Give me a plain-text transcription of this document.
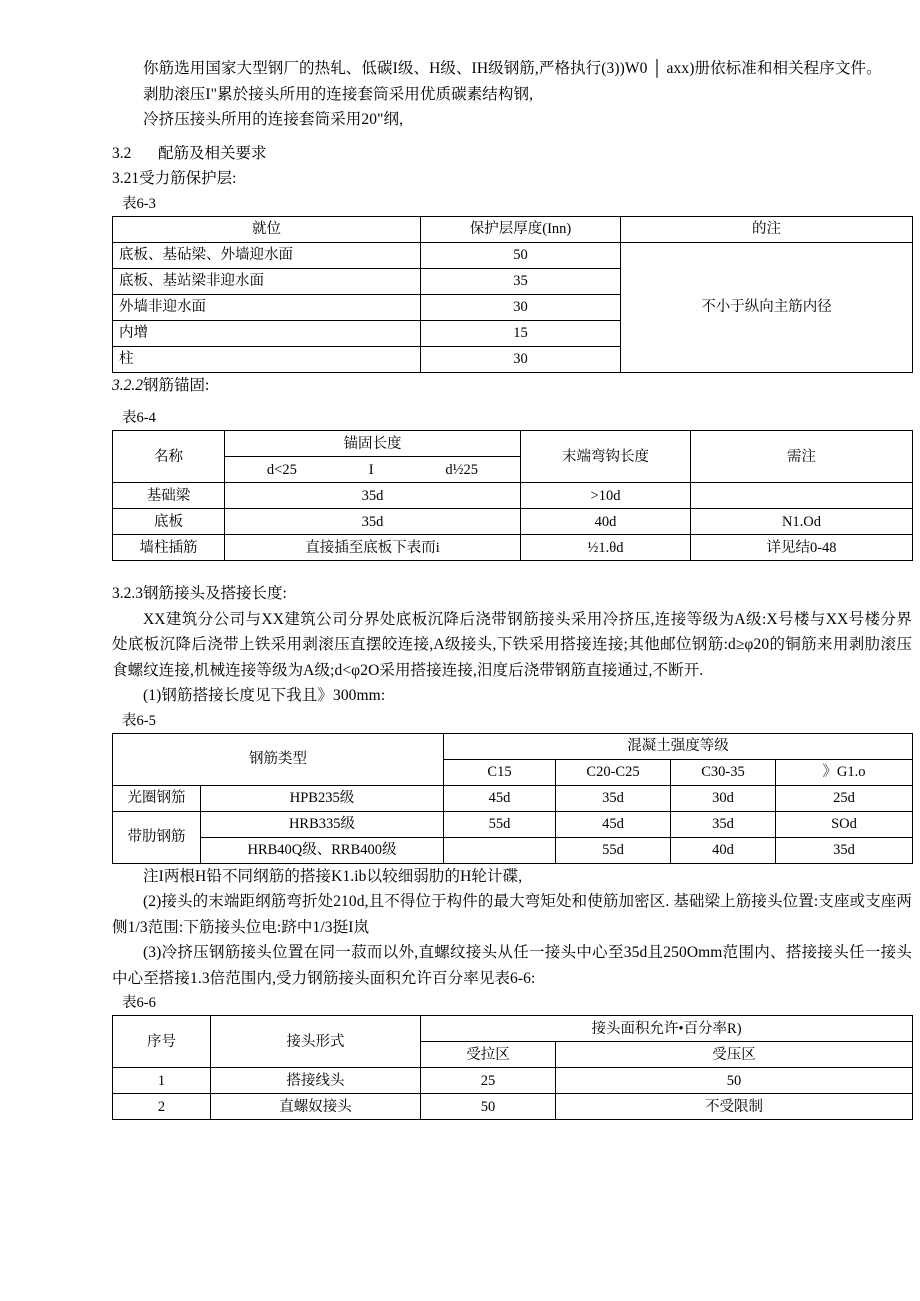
你筋选用国家大型钢厂的热轧、低碳I级、H级、IH级钢筋,严格执行(3))W0 │ axx)册依标准和相关程序文件。

剥肋滚压I"累於接头所用的连接套筒采用优质碳素结构钢,

冷挤压接头所用的连接套筒采用20"纲,

3.2 配筋及相关要求

3.21受力筋保护层:

表6-3

就位	保护层厚度(Inn)	的注
底板、基砧梁、外墙迎水面	50	不小于纵向主筋内径
底板、基站梁非迎水面	35	
外墙非迎水面	30	
内增	15	
柱	30	

3.2.2钢筋锚固:

表6-4

名称	锚固长度	末端弯钩长度	需注

	d<25 I d½25		

基础梁	35d	>10d	
底板	35d	40d	N1.Od
墙柱插筋	直接插至底板下表而i	½1.θd	详见结0-48

3.2.3钢筋接头及搭接长度:

XX建筑分公司与XX建筑公司分界处底板沉降后浇带钢筋接头采用冷挤压,连接等级为A级:X号楼与XX号楼分界处底板沉降后浇带上铁采用剥滚压直摆皎连接,A级接头,下铁采用搭接连接;其他邮位钢筋:d≥φ20的铜筋来用剥肋滚压食螺纹连接,机械连接等级为A级;d<φ2O采用搭接连接,汨度后浇带钢筋直接通过,不断开.

(1)钢筋搭接长度见下我且》300mm:

表6-5

钢筋类型		混凝土强度等级			
		C15	C20-C25	C30-35	》G1.o
光圈钢笳	HPB235级	45d	35d	30d	25d
带肋钢筋	HRB335级	55d	45d	35d	SOd
	HRB40Q级、RRB400级		55d	40d	35d

注I两根H铅不同纲筋的搭接K1.ib以较细弱肋的H轮计碟,

(2)接头的末端距纲筋弯折处210d,且不得位于构件的最大弯矩处和使筋加密区. 基础梁上筋接头位置:支座或支座两侧1/3范围:下筋接头位电:跻中1/3挺I岚

(3)冷挤压钢筋接头位置在同一菽而以外,直螺纹接头从任一接头中心至35d且250Omm范围内、搭接接头任一接头中心至搭接1.3倍范围内,受力钢筋接头面积允许百分率见表6-6:

表6-6

序号	接头形式	接头面积允许•百分率R)	
		受拉区	受压区
1	搭接线头	25	50
2	直螺奴接头	50	不受限制
